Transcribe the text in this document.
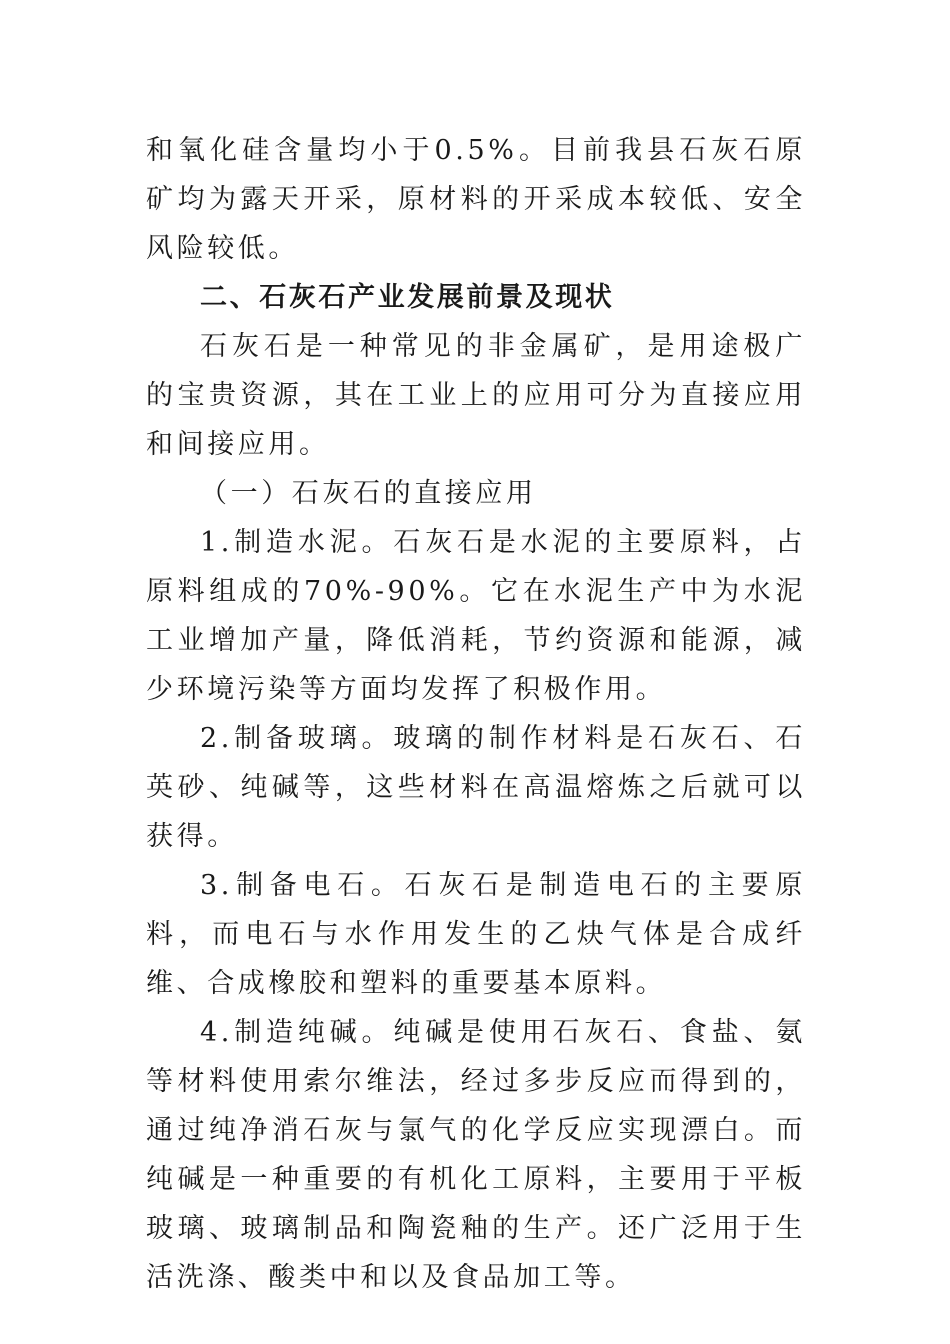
和氧化硅含量均小于0.5%。目前我县石灰石原矿均为露天开采，原材料的开采成本较低、安全风险较低。

二、石灰石产业发展前景及现状

石灰石是一种常见的非金属矿，是用途极广的宝贵资源，其在工业上的应用可分为直接应用和间接应用。

（一）石灰石的直接应用

1.制造水泥。石灰石是水泥的主要原料，占原料组成的70%-90%。它在水泥生产中为水泥工业增加产量，降低消耗，节约资源和能源，减少环境污染等方面均发挥了积极作用。

2.制备玻璃。玻璃的制作材料是石灰石、石英砂、纯碱等，这些材料在高温熔炼之后就可以获得。

3.制备电石。石灰石是制造电石的主要原料，而电石与水作用发生的乙炔气体是合成纤维、合成橡胶和塑料的重要基本原料。

4.制造纯碱。纯碱是使用石灰石、食盐、氨等材料使用索尔维法，经过多步反应而得到的，通过纯净消石灰与氯气的化学反应实现漂白。而纯碱是一种重要的有机化工原料，主要用于平板玻璃、玻璃制品和陶瓷釉的生产。还广泛用于生活洗涤、酸类中和以及食品加工等。
